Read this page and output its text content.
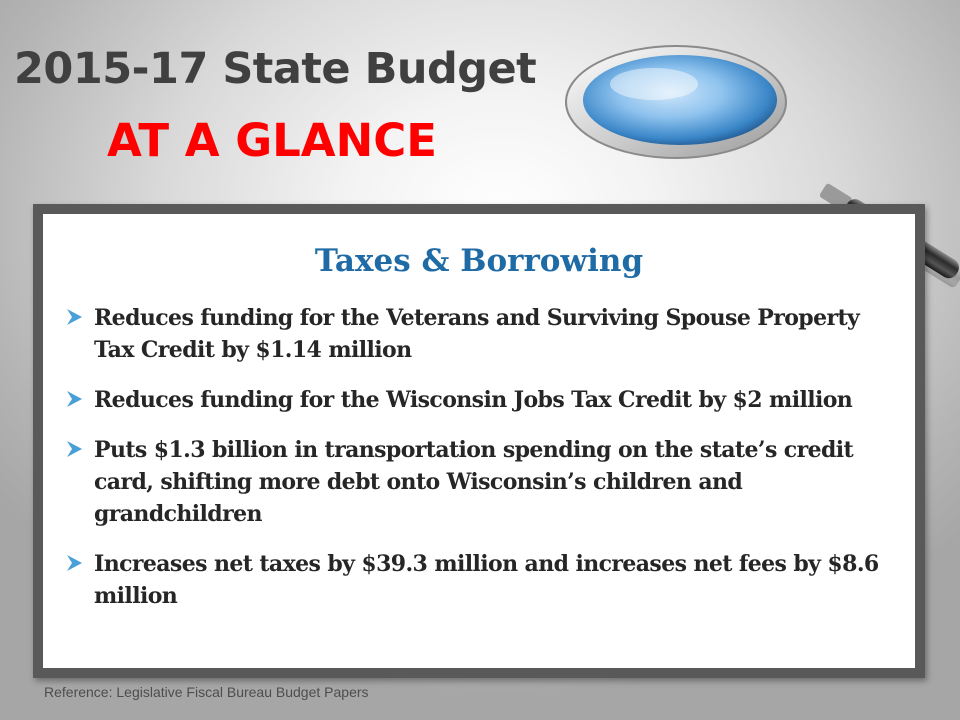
2015-17 State Budget
AT A GLANCE
Taxes & Borrowing
Reduces funding for the Veterans and Surviving Spouse Property Tax Credit by $1.14 million
Reduces funding for the Wisconsin Jobs Tax Credit by $2 million
Puts $1.3 billion in transportation spending on the state’s credit card, shifting more debt onto Wisconsin’s children and grandchildren
Increases net taxes by $39.3 million and increases net fees by $8.6 million

Reference: Legislative Fiscal Bureau Budget Papers
